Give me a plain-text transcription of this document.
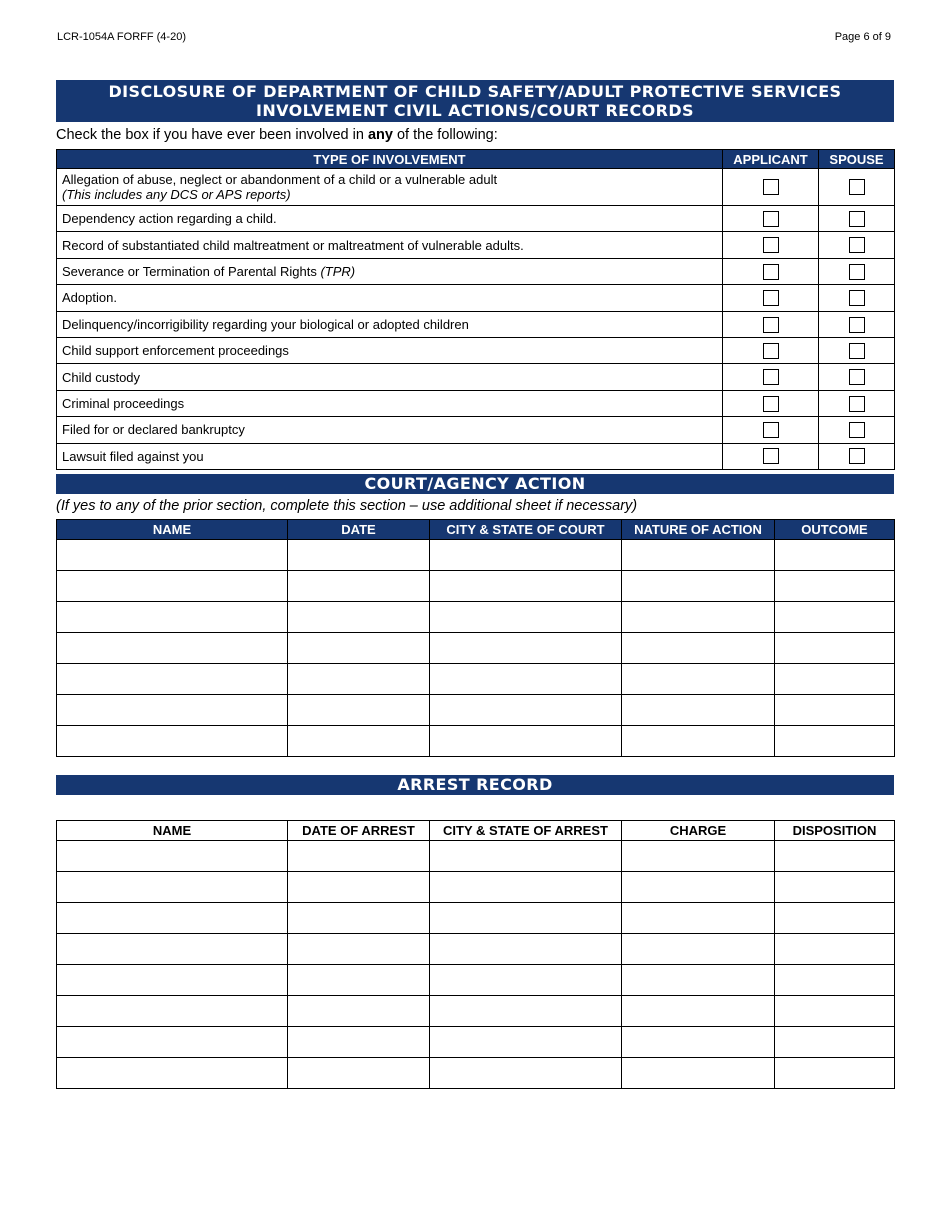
LCR-1054A FORFF (4-20)	Page 6 of 9
DISCLOSURE OF DEPARTMENT OF CHILD SAFETY/ADULT PROTECTIVE SERVICES
INVOLVEMENT CIVIL ACTIONS/COURT RECORDS
Check the box if you have ever been involved in any of the following:
TYPE OF INVOLVEMENT	APPLICANT	SPOUSE
Allegation of abuse, neglect or abandonment of a child or a vulnerable adult
(This includes any DCS or APS reports)		

Dependency action regarding a child.		
Record of substantiated child maltreatment or maltreatment of vulnerable adults.		
Severance or Termination of Parental Rights (TPR)		
Adoption.		
Delinquency/incorrigibility regarding your biological or adopted children		
Child support enforcement proceedings		
Child custody		
Criminal proceedings		
Filed for or declared bankruptcy		
Lawsuit filed against you		
COURT/AGENCY ACTION
(If yes to any of the prior section, complete this section – use additional sheet if necessary)
NAME	DATE	CITY & STATE OF COURT	NATURE OF ACTION	OUTCOME

ARREST RECORD
NAME	DATE OF ARREST	CITY & STATE OF ARREST	CHARGE	DISPOSITION
